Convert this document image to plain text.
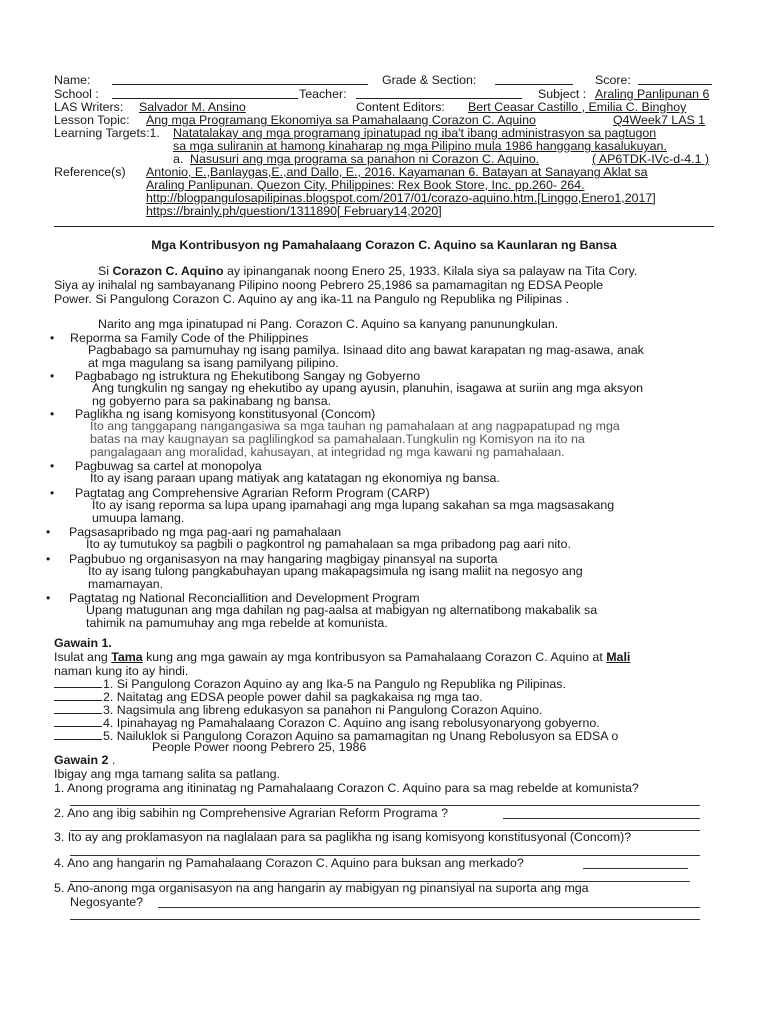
Name:	Grade & Section:	Score:
School :	Teacher:	Subject : Araling Panlipunan 6
LAS Writers: Salvador M. Ansino	Content Editors: Bert Ceasar Castillo , Emilia C. Binghoy
Lesson Topic: Ang mga Programang Ekonomiya sa Pamahalaang Corazon C. Aquino	Q4Week7 LAS 1
Learning Targets:1. Natatalakay ang mga programang ipinatupad ng iba't ibang administrasyon sa pagtugon
sa mga suliranin at hamong kinaharap ng mga Pilipino mula 1986 hanggang kasalukuyan.
a. Nasusuri ang mga programa sa panahon ni Corazon C. Aquino.	( AP6TDK-IVc-d-4.1 )
Reference(s) Antonio, E.,Banlaygas,E.,and Dallo, E., 2016. Kayamanan 6. Batayan at Sanayang Aklat sa
Araling Panlipunan. Quezon City, Philippines: Rex Book Store, Inc. pp.260- 264.
http://blogpangulosapilipinas.blogspot.com/2017/01/corazo-aquino.htm.[Linggo,Enero1,2017]
https://brainly.ph/question/1311890[ February14,2020]
Mga Kontribusyon ng Pamahalaang Corazon C. Aquino sa Kaunlaran ng Bansa
Si Corazon C. Aquino ay ipinanganak noong Enero 25, 1933. Kilala siya sa palayaw na Tita Cory.
Siya ay inihalal ng sambayanang Pilipino noong Pebrero 25,1986 sa pamamagitan ng EDSA People
Power. Si Pangulong Corazon C. Aquino ay ang ika-11 na Pangulo ng Republika ng Pilipinas .
Narito ang mga ipinatupad ni Pang. Corazon C. Aquino sa kanyang panunungkulan.
• Reporma sa Family Code of the Philippines
Pagbabago sa pamumuhay ng isang pamilya. Isinaad dito ang bawat karapatan ng mag-asawa, anak
at mga magulang sa isang pamilyang pilipino.
• Pagbabago ng istruktura ng Ehekutibong Sangay ng Gobyerno
Ang tungkulin ng sangay ng ehekutibo ay upang ayusin, planuhin, isagawa at suriin ang mga aksyon
ng gobyerno para sa pakinabang ng bansa.
• Paglikha ng isang komisyong konstitusyonal (Concom)
Ito ang tanggapang nangangasiwa sa mga tauhan ng pamahalaan at ang nagpapatupad ng mga
batas na may kaugnayan sa paglilingkod sa pamahalaan.Tungkulin ng Komisyon na ito na
pangalagaan ang moralidad, kahusayan, at integridad ng mga kawani ng pamahalaan.
• Pagbuwag sa cartel at monopolya
Ito ay isang paraan upang matiyak ang katatagan ng ekonomiya ng bansa.
• Pagtatag ang Comprehensive Agrarian Reform Program (CARP)
Ito ay isang reporma sa lupa upang ipamahagi ang mga lupang sakahan sa mga magsasakang
umuupa lamang.
• Pagsasapribado ng mga pag-aari ng pamahalaan
Ito ay tumutukoy sa pagbili o pagkontrol ng pamahalaan sa mga pribadong pag aari nito.
• Pagbubuo ng organisasyon na may hangaring magbigay pinansyal na suporta
Ito ay isang tulong pangkabuhayan upang makapagsimula ng isang maliit na negosyo ang
mamamayan.
• Pagtatag ng National Reconciallition and Development Program
Upang matugunan ang mga dahilan ng pag-aalsa at mabigyan ng alternatibong makabalik sa
tahimik na pamumuhay ang mga rebelde at komunista.
Gawain 1.
Isulat ang Tama kung ang mga gawain ay mga kontribusyon sa Pamahalaang Corazon C. Aquino at Mali
naman kung ito ay hindi.
1. Si Pangulong Corazon Aquino ay ang Ika-5 na Pangulo ng Republika ng Pilipinas.
2. Naitatag ang EDSA people power dahil sa pagkakaisa ng mga tao.
3. Nagsimula ang libreng edukasyon sa panahon ni Pangulong Corazon Aquino.
4. Ipinahayag ng Pamahalaang Corazon C. Aquino ang isang rebolusyonaryong gobyerno.
5. Nailuklok si Pangulong Corazon Aquino sa pamamagitan ng Unang Rebolusyon sa EDSA o
People Power noong Pebrero 25, 1986
Gawain 2 .
Ibigay ang mga tamang salita sa patlang.
1. Anong programa ang itininatag ng Pamahalaang Corazon C. Aquino para sa mag rebelde at komunista?
2. Ano ang ibig sabihin ng Comprehensive Agrarian Reform Programa ?
3. Ito ay ang proklamasyon na naglalaan para sa paglikha ng isang komisyong konstitusyonal (Concom)?
4. Ano ang hangarin ng Pamahalaang Corazon C. Aquino para buksan ang merkado?
5. Ano-anong mga organisasyon na ang hangarin ay mabigyan ng pinansiyal na suporta ang mga
Negosyante?
